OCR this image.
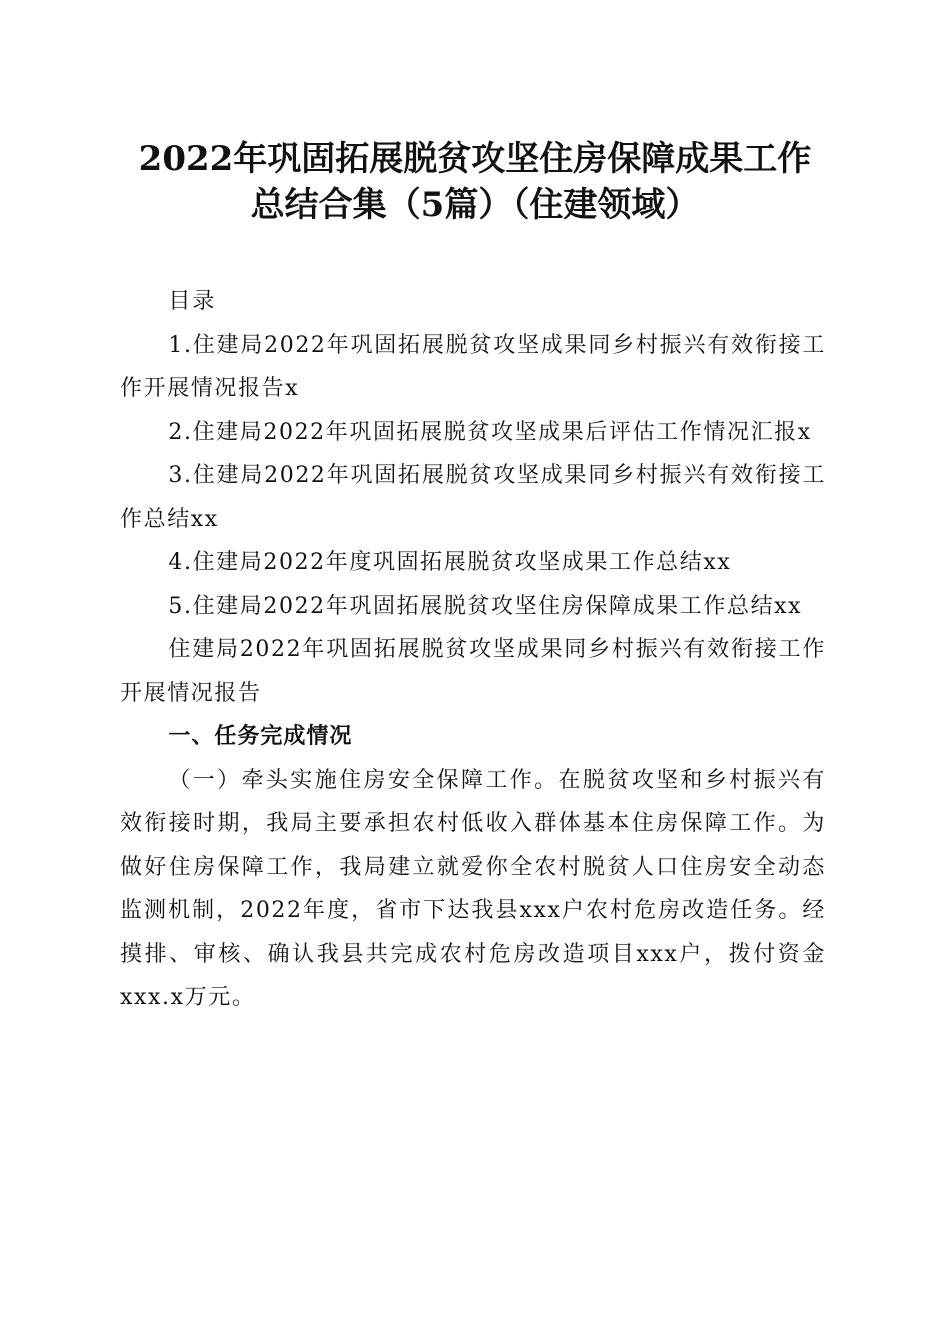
2022年巩固拓展脱贫攻坚住房保障成果工作
总结合集（5篇）（住建领域）

目录

1.住建局2022年巩固拓展脱贫攻坚成果同乡村振兴有效衔接工作开展情况报告x

2.住建局2022年巩固拓展脱贫攻坚成果后评估工作情况汇报x

3.住建局2022年巩固拓展脱贫攻坚成果同乡村振兴有效衔接工作总结xx

4.住建局2022年度巩固拓展脱贫攻坚成果工作总结xx

5.住建局2022年巩固拓展脱贫攻坚住房保障成果工作总结xx

住建局2022年巩固拓展脱贫攻坚成果同乡村振兴有效衔接工作开展情况报告

一、任务完成情况

（一）牵头实施住房安全保障工作。在脱贫攻坚和乡村振兴有效衔接时期，我局主要承担农村低收入群体基本住房保障工作。为做好住房保障工作，我局建立就爱你全农村脱贫人口住房安全动态监测机制，2022年度，省市下达我县xxx户农村危房改造任务。经摸排、审核、确认我县共完成农村危房改造项目xxx户，拨付资金xxx.x万元。
